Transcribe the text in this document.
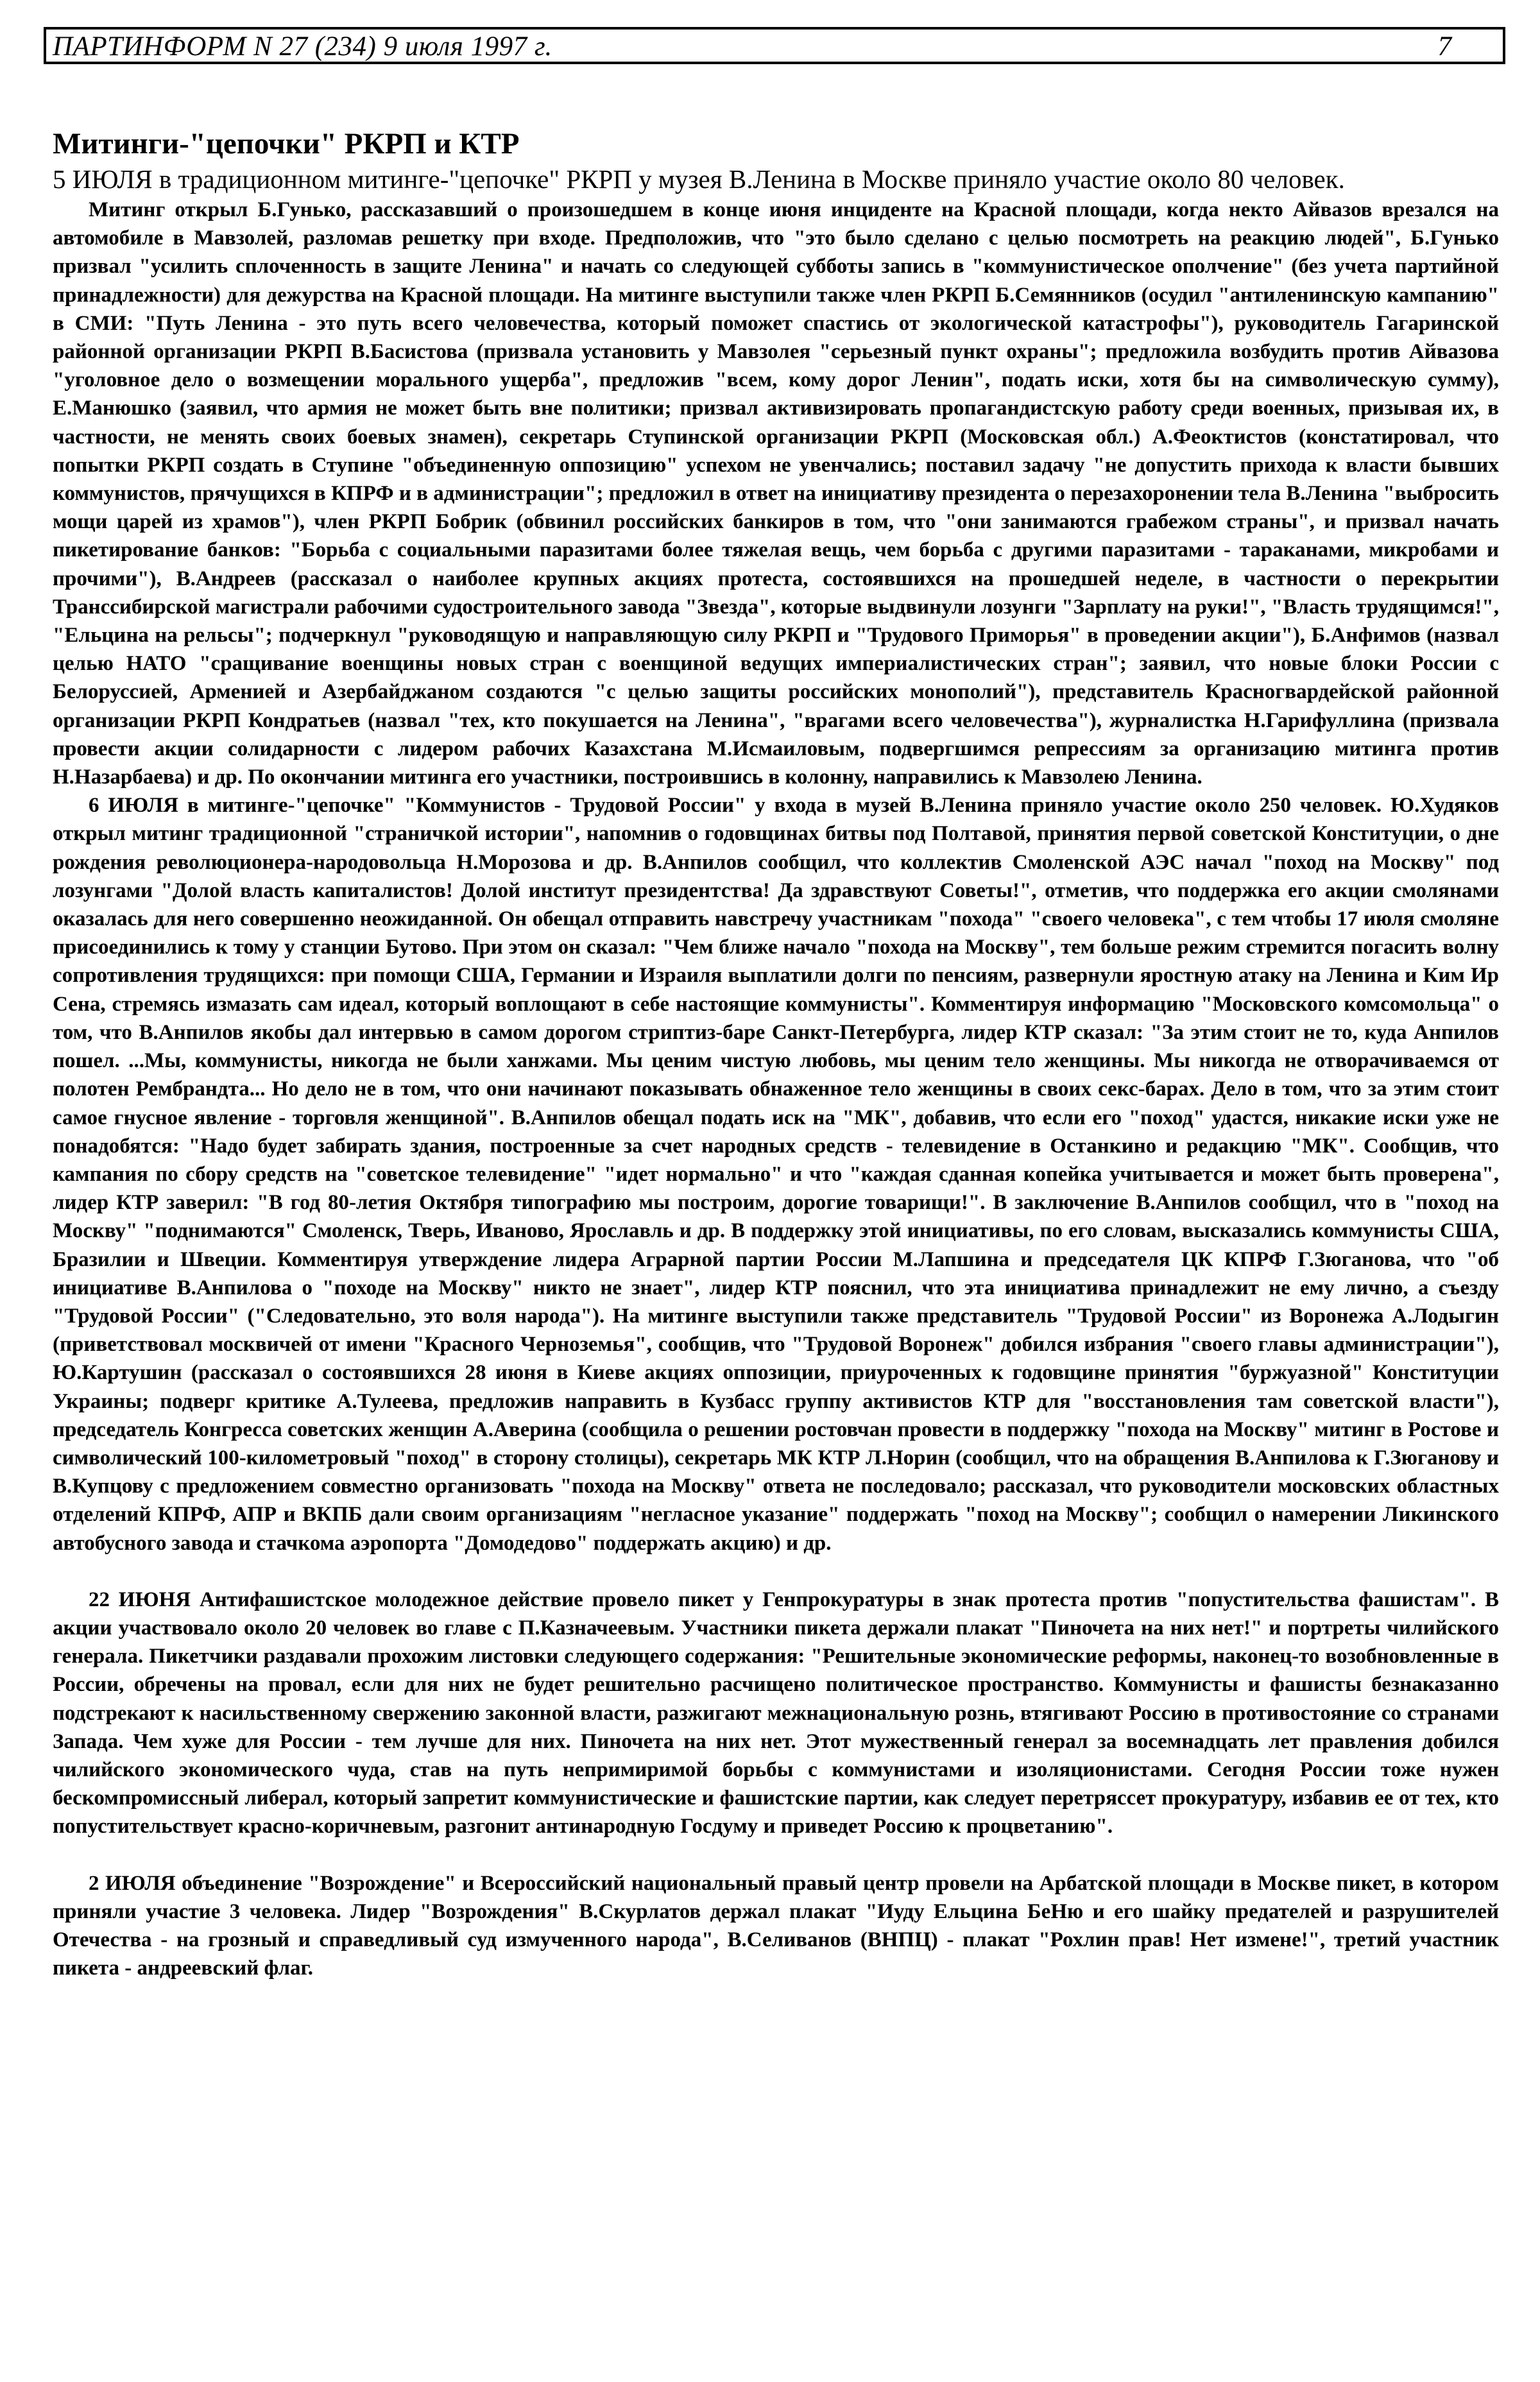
ПАРТИНФОРМ N 27 (234) 9 июля 1997 г.	7
Митинги-"цепочки" РКРП и КТР

5 ИЮЛЯ в традиционном митинге-"цепочке" РКРП у музея В.Ленина в Москве приняло участие около 80 человек.

Митинг открыл Б.Гунько, рассказавший о произошедшем в конце июня инциденте на Красной площади, когда некто Айвазов врезался на автомобиле в Мавзолей, разломав решетку при входе. Предположив, что "это было сделано с целью посмотреть на реакцию людей", Б.Гунько призвал "усилить сплоченность в защите Ленина" и начать со следующей субботы запись в "коммунистическое ополчение" (без учета партийной принадлежности) для дежурства на Красной площади. На митинге выступили также член РКРП Б.Семянников (осудил "антиленинскую кампанию" в СМИ: "Путь Ленина - это путь всего человечества, который поможет спастись от экологической катастрофы"), руководитель Гагаринской районной организации РКРП В.Басистова (призвала установить у Мавзолея "серьезный пункт охраны"; предложила возбудить против Айвазова "уголовное дело о возмещении морального ущерба", предложив "всем, кому дорог Ленин", подать иски, хотя бы на символическую сумму), Е.Манюшко (заявил, что армия не может быть вне политики; призвал активизировать пропагандистскую работу среди военных, призывая их, в частности, не менять своих боевых знамен), секретарь Ступинской организации РКРП (Московская обл.) А.Феоктистов (констатировал, что попытки РКРП создать в Ступине "объединенную оппозицию" успехом не увенчались; поставил задачу "не допустить прихода к власти бывших коммунистов, прячущихся в КПРФ и в администрации"; предложил в ответ на инициативу президента о перезахоронении тела В.Ленина "выбросить мощи царей из храмов"), член РКРП Бобрик (обвинил российских банкиров в том, что "они занимаются грабежом страны", и призвал начать пикетирование банков: "Борьба с социальными паразитами более тяжелая вещь, чем борьба с другими паразитами - тараканами, микробами и прочими"), В.Андреев (рассказал о наиболее крупных акциях протеста, состоявшихся на прошедшей неделе, в частности о перекрытии Транссибирской магистрали рабочими судостроительного завода "Звезда", которые выдвинули лозунги "Зарплату на руки!", "Власть трудящимся!", "Ельцина на рельсы"; подчеркнул "руководящую и направляющую силу РКРП и "Трудового Приморья" в проведении акции"), Б.Анфимов (назвал целью НАТО "сращивание военщины новых стран с военщиной ведущих империалистических стран"; заявил, что новые блоки России с Белоруссией, Арменией и Азербайджаном создаются "с целью защиты российских монополий"), представитель Красногвардейской районной организации РКРП Кондратьев (назвал "тех, кто покушается на Ленина", "врагами всего человечества"), журналистка Н.Гарифуллина (призвала провести акции солидарности с лидером рабочих Казахстана М.Исмаиловым, подвергшимся репрессиям за организацию митинга против Н.Назарбаева) и др. По окончании митинга его участники, построившись в колонну, направились к Мавзолею Ленина.

6 ИЮЛЯ в митинге-"цепочке" "Коммунистов - Трудовой России" у входа в музей В.Ленина приняло участие около 250 человек. Ю.Худяков открыл митинг традиционной "страничкой истории", напомнив о годовщинах битвы под Полтавой, принятия первой советской Конституции, о дне рождения революционера-народовольца Н.Морозова и др. В.Анпилов сообщил, что коллектив Смоленской АЭС начал "поход на Москву" под лозунгами "Долой власть капиталистов! Долой институт президентства! Да здравствуют Советы!", отметив, что поддержка его акции смолянами оказалась для него совершенно неожиданной. Он обещал отправить навстречу участникам "похода" "своего человека", с тем чтобы 17 июля смоляне присоединились к тому у станции Бутово. При этом он сказал: "Чем ближе начало "похода на Москву", тем больше режим стремится погасить волну сопротивления трудящихся: при помощи США, Германии и Израиля выплатили долги по пенсиям, развернули яростную атаку на Ленина и Ким Ир Сена, стремясь измазать сам идеал, который воплощают в себе настоящие коммунисты". Комментируя информацию "Московского комсомольца" о том, что В.Анпилов якобы дал интервью в самом дорогом стриптиз-баре Санкт-Петербурга, лидер КТР сказал: "За этим стоит не то, куда Анпилов пошел. ...Мы, коммунисты, никогда не были ханжами. Мы ценим чистую любовь, мы ценим тело женщины. Мы никогда не отворачиваемся от полотен Рембрандта... Но дело не в том, что они начинают показывать обнаженное тело женщины в своих секс-барах. Дело в том, что за этим стоит самое гнусное явление - торговля женщиной". В.Анпилов обещал подать иск на "МК", добавив, что если его "поход" удастся, никакие иски уже не понадобятся: "Надо будет забирать здания, построенные за счет народных средств - телевидение в Останкино и редакцию "МК". Сообщив, что кампания по сбору средств на "советское телевидение" "идет нормально" и что "каждая сданная копейка учитывается и может быть проверена", лидер КТР заверил: "В год 80-летия Октября типографию мы построим, дорогие товарищи!". В заключение В.Анпилов сообщил, что в "поход на Москву" "поднимаются" Смоленск, Тверь, Иваново, Ярославль и др. В поддержку этой инициативы, по его словам, высказались коммунисты США, Бразилии и Швеции. Комментируя утверждение лидера Аграрной партии России М.Лапшина и председателя ЦК КПРФ Г.Зюганова, что "об инициативе В.Анпилова о "походе на Москву" никто не знает", лидер КТР пояснил, что эта инициатива принадлежит не ему лично, а съезду "Трудовой России" ("Следовательно, это воля народа"). На митинге выступили также представитель "Трудовой России" из Воронежа А.Лодыгин (приветствовал москвичей от имени "Красного Черноземья", сообщив, что "Трудовой Воронеж" добился избрания "своего главы администрации"), Ю.Картушин (рассказал о состоявшихся 28 июня в Киеве акциях оппозиции, приуроченных к годовщине принятия "буржуазной" Конституции Украины; подверг критике А.Тулеева, предложив направить в Кузбасс группу активистов КТР для "восстановления там советской власти"), председатель Конгресса советских женщин А.Аверина (сообщила о решении ростовчан провести в поддержку "похода на Москву" митинг в Ростове и символический 100-километровый "поход" в сторону столицы), секретарь МК КТР Л.Норин (сообщил, что на обращения В.Анпилова к Г.Зюганову и В.Купцову с предложением совместно организовать "похода на Москву" ответа не последовало; рассказал, что руководители московских областных отделений КПРФ, АПР и ВКПБ дали своим организациям "негласное указание" поддержать "поход на Москву"; сообщил о намерении Ликинского автобусного завода и стачкома аэропорта "Домодедово" поддержать акцию) и др.

22 ИЮНЯ Антифашистское молодежное действие провело пикет у Генпрокуратуры в знак протеста против "попустительства фашистам". В акции участвовало около 20 человек во главе с П.Казначеевым. Участники пикета держали плакат "Пиночета на них нет!" и портреты чилийского генерала. Пикетчики раздавали прохожим листовки следующего содержания: "Решительные экономические реформы, наконец-то возобновленные в России, обречены на провал, если для них не будет решительно расчищено политическое пространство. Коммунисты и фашисты безнаказанно подстрекают к насильственному свержению законной власти, разжигают межнациональную рознь, втягивают Россию в противостояние со странами Запада. Чем хуже для России - тем лучше для них. Пиночета на них нет. Этот мужественный генерал за восемнадцать лет правления добился чилийского экономического чуда, став на путь непримиримой борьбы с коммунистами и изоляционистами. Сегодня России тоже нужен бескомпромиссный либерал, который запретит коммунистические и фашистские партии, как следует перетряссет прокуратуру, избавив ее от тех, кто попустительствует красно-коричневым, разгонит антинародную Госдуму и приведет Россию к процветанию".

2 ИЮЛЯ объединение "Возрождение" и Всероссийский национальный правый центр провели на Арбатской площади в Москве пикет, в котором приняли участие 3 человека. Лидер "Возрождения" В.Скурлатов держал плакат "Иуду Ельцина БеНю и его шайку предателей и разрушителей Отечества - на грозный и справедливый суд измученного народа", В.Селиванов (ВНПЦ) - плакат "Рохлин прав! Нет измене!", третий участник пикета - андреевский флаг.
